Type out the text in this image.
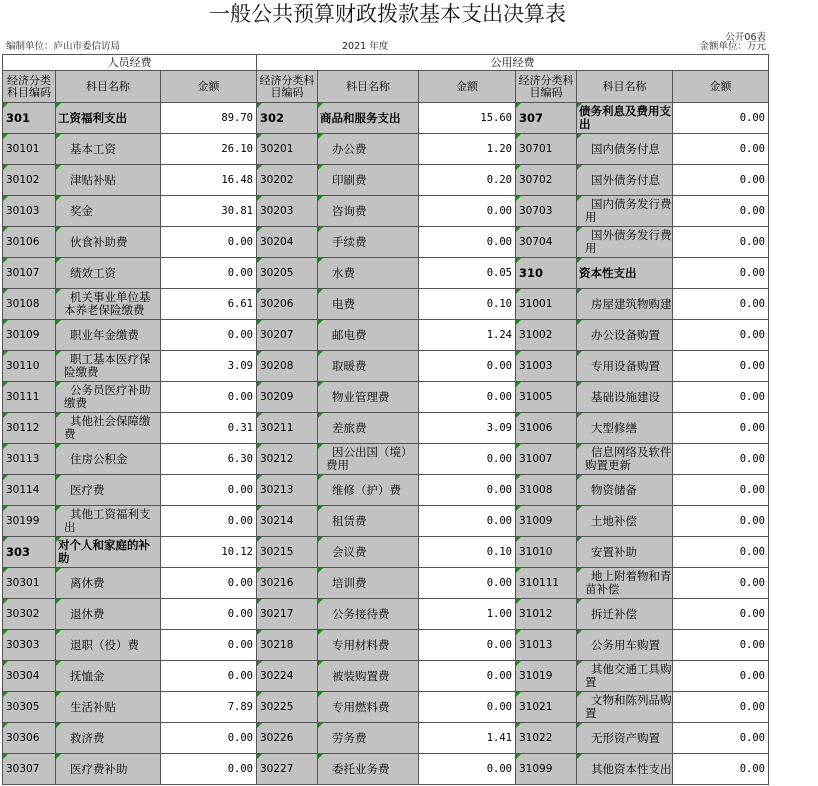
一般公共预算财政拨款基本支出决算表
公开06表
编制单位：庐山市委信访局	2021 年度	金额单位：万元
人员经费			公用经费					
经济分类科目编码	科目名称	金额	经济分类科目编码	科目名称	金额	经济分类科目编码	科目名称	金额
301	工资福利支出	89.70	302	商品和服务支出	15.60	307	债务利息及费用支出	0.00
30101	基本工资	26.10	30201	办公费	1.20	30701	国内债务付息	0.00
30102	津贴补贴	16.48	30202	印刷费	0.20	30702	国外债务付息	0.00
30103	奖金	30.81	30203	咨询费	0.00	30703	国内债务发行费用	0.00
30106	伙食补助费	0.00	30204	手续费	0.00	30704	国外债务发行费用	0.00
30107	绩效工资	0.00	30205	水费	0.05	310	资本性支出	0.00
30108	机关事业单位基本养老保险缴费	6.61	30206	电费	0.10	31001	房屋建筑物购建	0.00
30109	职业年金缴费	0.00	30207	邮电费	1.24	31002	办公设备购置	0.00
30110	职工基本医疗保险缴费	3.09	30208	取暖费	0.00	31003	专用设备购置	0.00
30111	公务员医疗补助缴费	0.00	30209	物业管理费	0.00	31005	基础设施建设	0.00
30112	其他社会保障缴费	0.31	30211	差旅费	3.09	31006	大型修缮	0.00
30113	住房公积金	6.30	30212	因公出国（境）费用	0.00	31007	信息网络及软件购置更新	0.00
30114	医疗费	0.00	30213	维修（护）费	0.00	31008	物资储备	0.00
30199	其他工资福利支出	0.00	30214	租赁费	0.00	31009	土地补偿	0.00
303	对个人和家庭的补助	10.12	30215	会议费	0.10	31010	安置补助	0.00
30301	离休费	0.00	30216	培训费	0.00	310111	地上附着物和青苗补偿	0.00
30302	退休费	0.00	30217	公务接待费	1.00	31012	拆迁补偿	0.00
30303	退职（役）费	0.00	30218	专用材料费	0.00	31013	公务用车购置	0.00
30304	抚恤金	0.00	30224	被装购置费	0.00	31019	其他交通工具购置	0.00
30305	生活补贴	7.89	30225	专用燃料费	0.00	31021	文物和陈列品购置	0.00
30306	救济费	0.00	30226	劳务费	1.41	31022	无形资产购置	0.00
30307	医疗费补助	0.00	30227	委托业务费	0.00	31099	其他资本性支出	0.00
